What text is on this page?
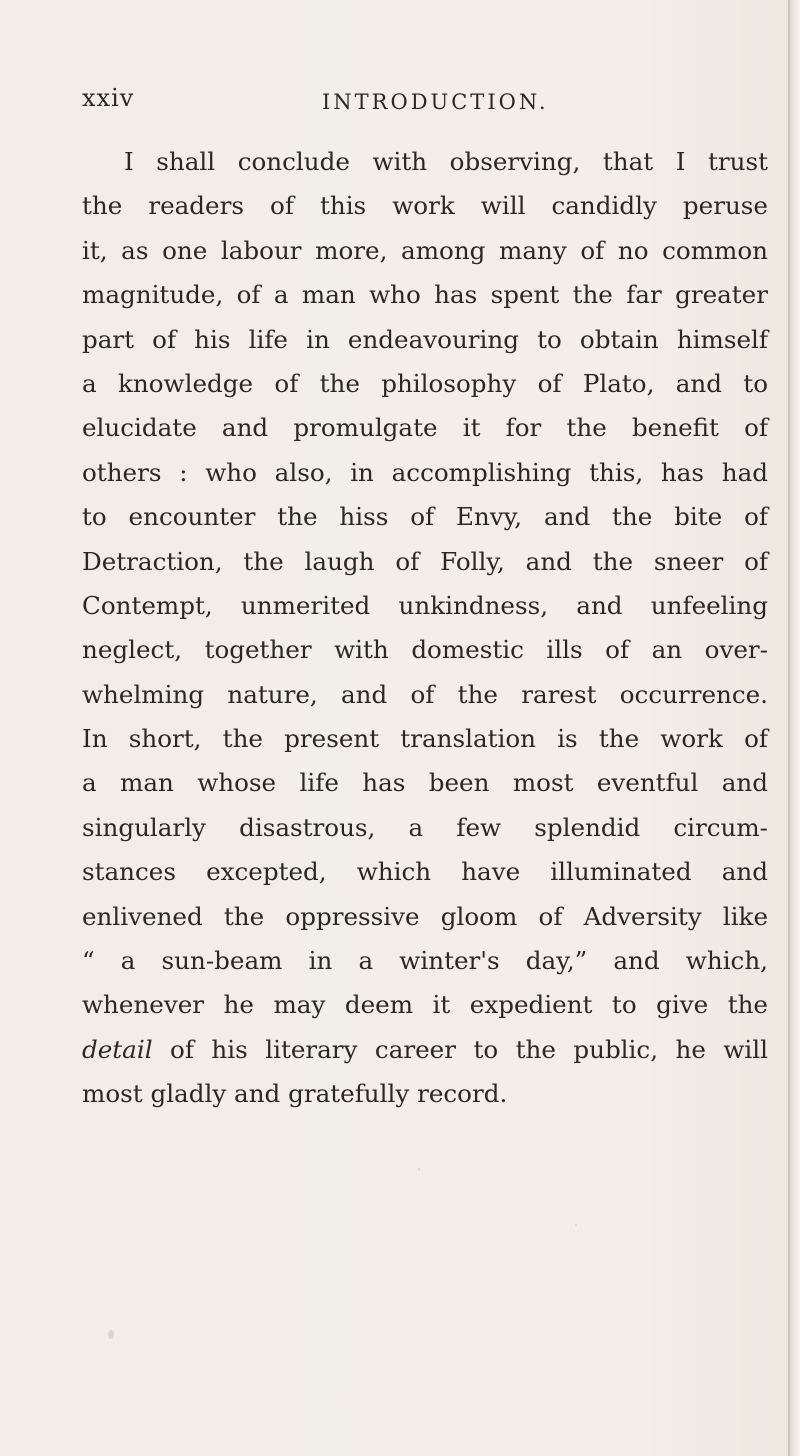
xxiv	INTRODUCTION.
I shall conclude with observing, that I trust
the readers of this work will candidly peruse
it, as one labour more, among many of no common
magnitude, of a man who has spent the far greater
part of his life in endeavouring to obtain himself
a knowledge of the philosophy of Plato, and to
elucidate and promulgate it for the benefit of
others : who also, in accomplishing this, has had
to encounter the hiss of Envy, and the bite of
Detraction, the laugh of Folly, and the sneer of
Contempt, unmerited unkindness, and unfeeling
neglect, together with domestic ills of an over-
whelming nature, and of the rarest occurrence.
In short, the present translation is the work of
a man whose life has been most eventful and
singularly disastrous, a few splendid circum-
stances excepted, which have illuminated and
enlivened the oppressive gloom of Adversity like
“ a sun-beam in a winter's day,” and which,
whenever he may deem it expedient to give the
detail of his literary career to the public, he will
most gladly and gratefully record.
